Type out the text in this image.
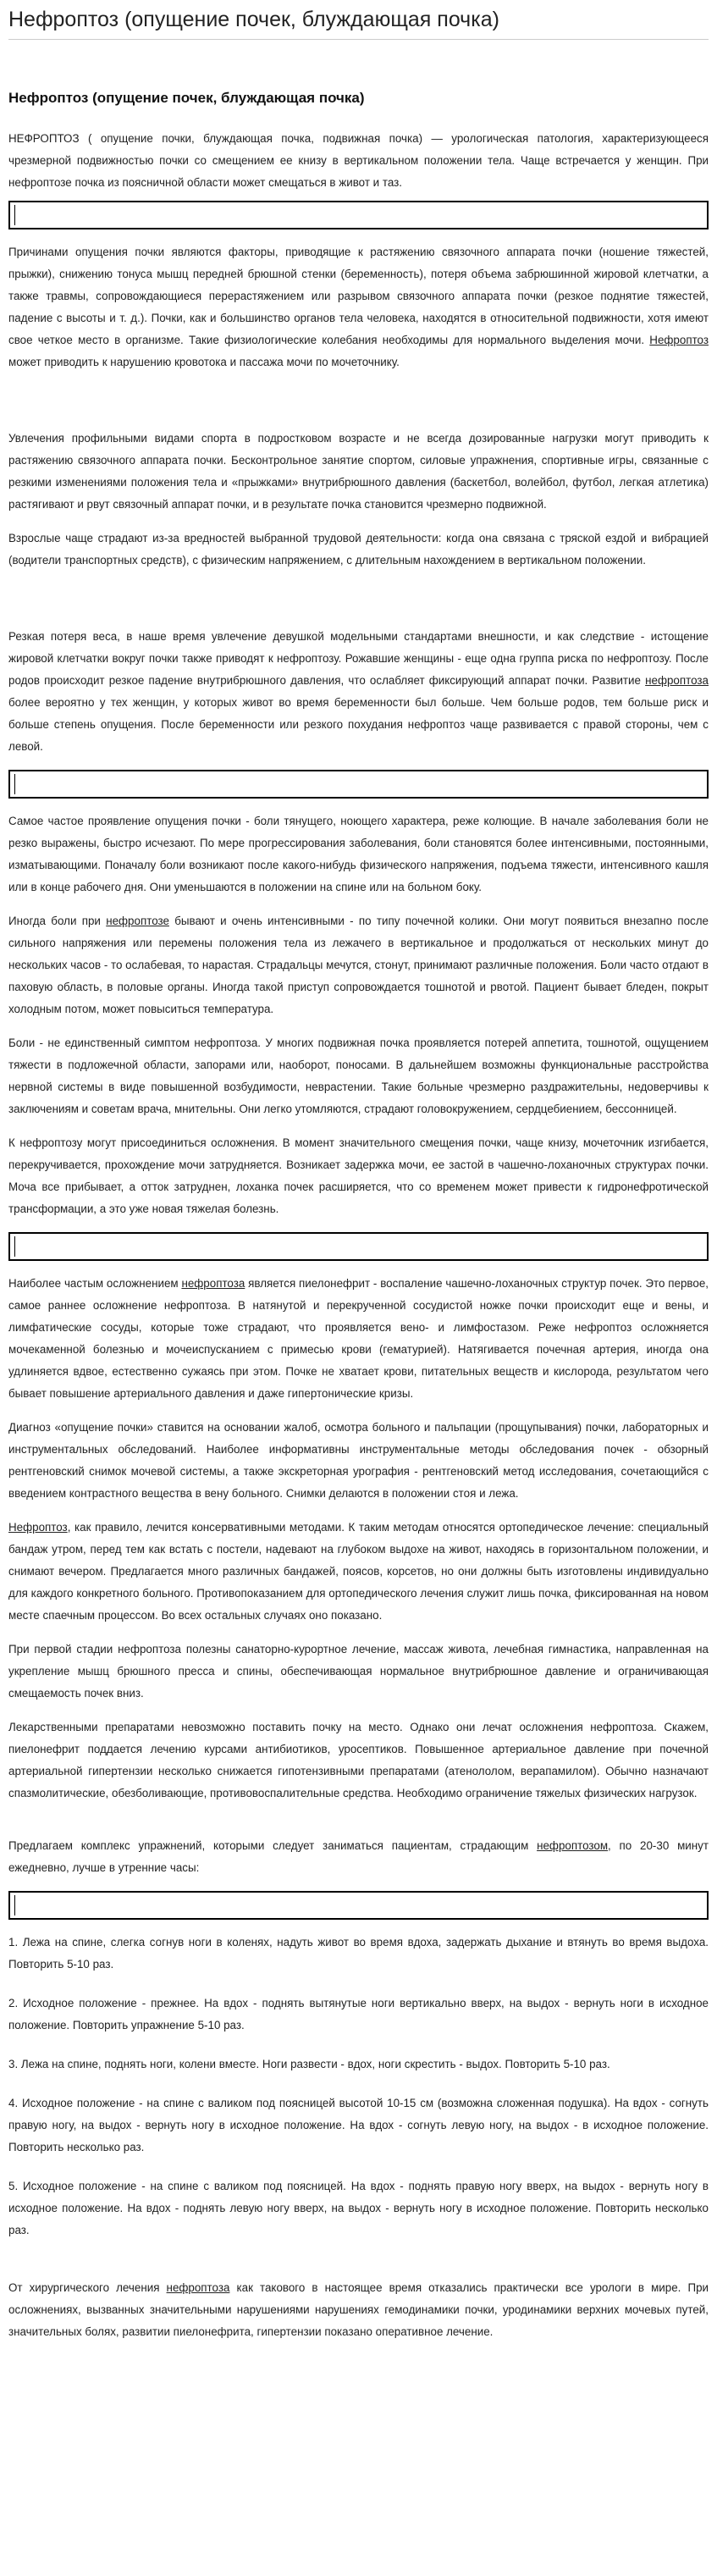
Нефроптоз (опущение почек, блуждающая почка)
Нефроптоз (опущение почек, блуждающая почка)

НЕФРОПТОЗ ( опущение почки, блуждающая почка, подвижная почка) — урологическая патология, характеризующееся чрезмерной подвижностью почки со смещением ее книзу в вертикальном положении тела. Чаще встречается у женщин. При нефроптозе почка из поясничной области может смещаться в живот и таз.

Причинами опущения почки являются факторы, приводящие к растяжению связочного аппарата почки (ношение тяжестей, прыжки), снижению тонуса мышц передней брюшной стенки (беременность), потеря объема забрюшинной жировой клетчатки, а также травмы, сопровождающиеся перерастяжением или разрывом связочного аппарата почки (резкое поднятие тяжестей, падение с высоты и т. д.). Почки, как и большинство органов тела человека, находятся в относительной подвижности, хотя имеют свое четкое место в организме. Такие физиологические колебания необходимы для нормального выделения мочи. Нефроптоз может приводить к нарушению кровотока и пассажа мочи по мочеточнику.

Увлечения профильными видами спорта в подростковом возрасте и не всегда дозированные нагрузки могут приводить к растяжению связочного аппарата почки. Бесконтрольное занятие спортом, силовые упражнения, спортивные игры, связанные с резкими изменениями положения тела и «прыжками» внутрибрюшного давления (баскетбол, волейбол, футбол, легкая атлетика) растягивают и рвут связочный аппарат почки, и в результате почка становится чрезмерно подвижной.

Взрослые чаще страдают из-за вредностей выбранной трудовой деятельности: когда она связана с тряской ездой и вибрацией (водители транспортных средств), с физическим напряжением, с длительным нахождением в вертикальном положении.

Резкая потеря веса, в наше время увлечение девушкой модельными стандартами внешности, и как следствие - истощение жировой клетчатки вокруг почки также приводят к нефроптозу. Рожавшие женщины - еще одна группа риска по нефроптозу. После родов происходит резкое падение внутрибрюшного давления, что ослабляет фиксирующий аппарат почки. Развитие нефроптоза более вероятно у тех женщин, у которых живот во время беременности был больше. Чем больше родов, тем больше риск и больше степень опущения. После беременности или резкого похудания нефроптоз чаще развивается с правой стороны, чем с левой.

Самое частое проявление опущения почки - боли тянущего, ноющего характера, реже колющие. В начале заболевания боли не резко выражены, быстро исчезают. По мере прогрессирования заболевания, боли становятся более интенсивными, постоянными, изматывающими. Поначалу боли возникают после какого-нибудь физического напряжения, подъема тяжести, интенсивного кашля или в конце рабочего дня. Они уменьшаются в положении на спине или на больном боку.

Иногда боли при нефроптозе бывают и очень интенсивными - по типу почечной колики. Они могут появиться внезапно после сильного напряжения или перемены положения тела из лежачего в вертикальное и продолжаться от нескольких минут до нескольких часов - то ослабевая, то нарастая. Страдальцы мечутся, стонут, принимают различные положения. Боли часто отдают в паховую область, в половые органы. Иногда такой приступ сопровождается тошнотой и рвотой. Пациент бывает бледен, покрыт холодным потом, может повыситься температура.

Боли - не единственный симптом нефроптоза. У многих подвижная почка проявляется потерей аппетита, тошнотой, ощущением тяжести в подложечной области, запорами или, наоборот, поносами. В дальнейшем возможны функциональные расстройства нервной системы в виде повышенной возбудимости, неврастении. Такие больные чрезмерно раздражительны, недоверчивы к заключениям и советам врача, мнительны. Они легко утомляются, страдают головокружением, сердцебиением, бессонницей.

К нефроптозу могут присоединиться осложнения. В момент значительного смещения почки, чаще книзу, мочеточник изгибается, перекручивается, прохождение мочи затрудняется. Возникает задержка мочи, ее застой в чашечно-лоханочных структурах почки. Моча все прибывает, а отток затруднен, лоханка почек расширяется, что со временем может привести к гидронефротической трансформации, а это уже новая тяжелая болезнь.

Наиболее частым осложнением нефроптоза является пиелонефрит - воспаление чашечно-лоханочных структур почек. Это первое, самое раннее осложнение нефроптоза. В натянутой и перекрученной сосудистой ножке почки происходит еще и вены, и лимфатические сосуды, которые тоже страдают, что проявляется вено- и лимфостазом. Реже нефроптоз осложняется мочекаменной болезнью и мочеиспусканием с примесью крови (гематурией). Натягивается почечная артерия, иногда она удлиняется вдвое, естественно сужаясь при этом. Почке не хватает крови, питательных веществ и кислорода, результатом чего бывает повышение артериального давления и даже гипертонические кризы.

Диагноз «опущение почки» ставится на основании жалоб, осмотра больного и пальпации (прощупывания) почки, лабораторных и инструментальных обследований. Наиболее информативны инструментальные методы обследования почек - обзорный рентгеновский снимок мочевой системы, а также экскреторная урография - рентгеновский метод исследования, сочетающийся с введением контрастного вещества в вену больного. Снимки делаются в положении стоя и лежа.

Нефроптоз, как правило, лечится консервативными методами. К таким методам относятся ортопедическое лечение: специальный бандаж утром, перед тем как встать с постели, надевают на глубоком выдохе на живот, находясь в горизонтальном положении, и снимают вечером. Предлагается много различных бандажей, поясов, корсетов, но они должны быть изготовлены индивидуально для каждого конкретного больного. Противопоказанием для ортопедического лечения служит лишь почка, фиксированная на новом месте спаечным процессом. Во всех остальных случаях оно показано.

При первой стадии нефроптоза полезны санаторно-курортное лечение, массаж живота, лечебная гимнастика, направленная на укрепление мышц брюшного пресса и спины, обеспечивающая нормальное внутрибрюшное давление и ограничивающая смещаемость почек вниз.

Лекарственными препаратами невозможно поставить почку на место. Однако они лечат осложнения нефроптоза. Скажем, пиелонефрит поддается лечению курсами антибиотиков, уросептиков. Повышенное артериальное давление при почечной артериальной гипертензии несколько снижается гипотензивными препаратами (атенололом, верапамилом). Обычно назначают спазмолитические, обезболивающие, противовоспалительные средства. Необходимо ограничение тяжелых физических нагрузок.

Предлагаем комплекс упражнений, которыми следует заниматься пациентам, страдающим нефроптозом, по 20-30 минут ежедневно, лучше в утренние часы:

1. Лежа на спине, слегка согнув ноги в коленях, надуть живот во время вдоха, задержать дыхание и втянуть во время выдоха. Повторить 5-10 раз.

2. Исходное положение - прежнее. На вдох - поднять вытянутые ноги вертикально вверх, на выдох - вернуть ноги в исходное положение. Повторить упражнение 5-10 раз.

3. Лежа на спине, поднять ноги, колени вместе. Ноги развести - вдох, ноги скрестить - выдох. Повторить 5-10 раз.

4. Исходное положение - на спине с валиком под поясницей высотой 10-15 см (возможна сложенная подушка). На вдох - согнуть правую ногу, на выдох - вернуть ногу в исходное положение. На вдох - согнуть левую ногу, на выдох - в исходное положение. Повторить несколько раз.

5. Исходное положение - на спине с валиком под поясницей. На вдох - поднять правую ногу вверх, на выдох - вернуть ногу в исходное положение. На вдох - поднять левую ногу вверх, на выдох - вернуть ногу в исходное положение. Повторить несколько раз.

От хирургического лечения нефроптоза как такового в настоящее время отказались практически все урологи в мире. При осложнениях, вызванных значительными нарушениями нарушениях гемодинамики почки, уродинамики верхних мочевых путей, значительных болях, развитии пиелонефрита, гипертензии показано оперативное лечение.
